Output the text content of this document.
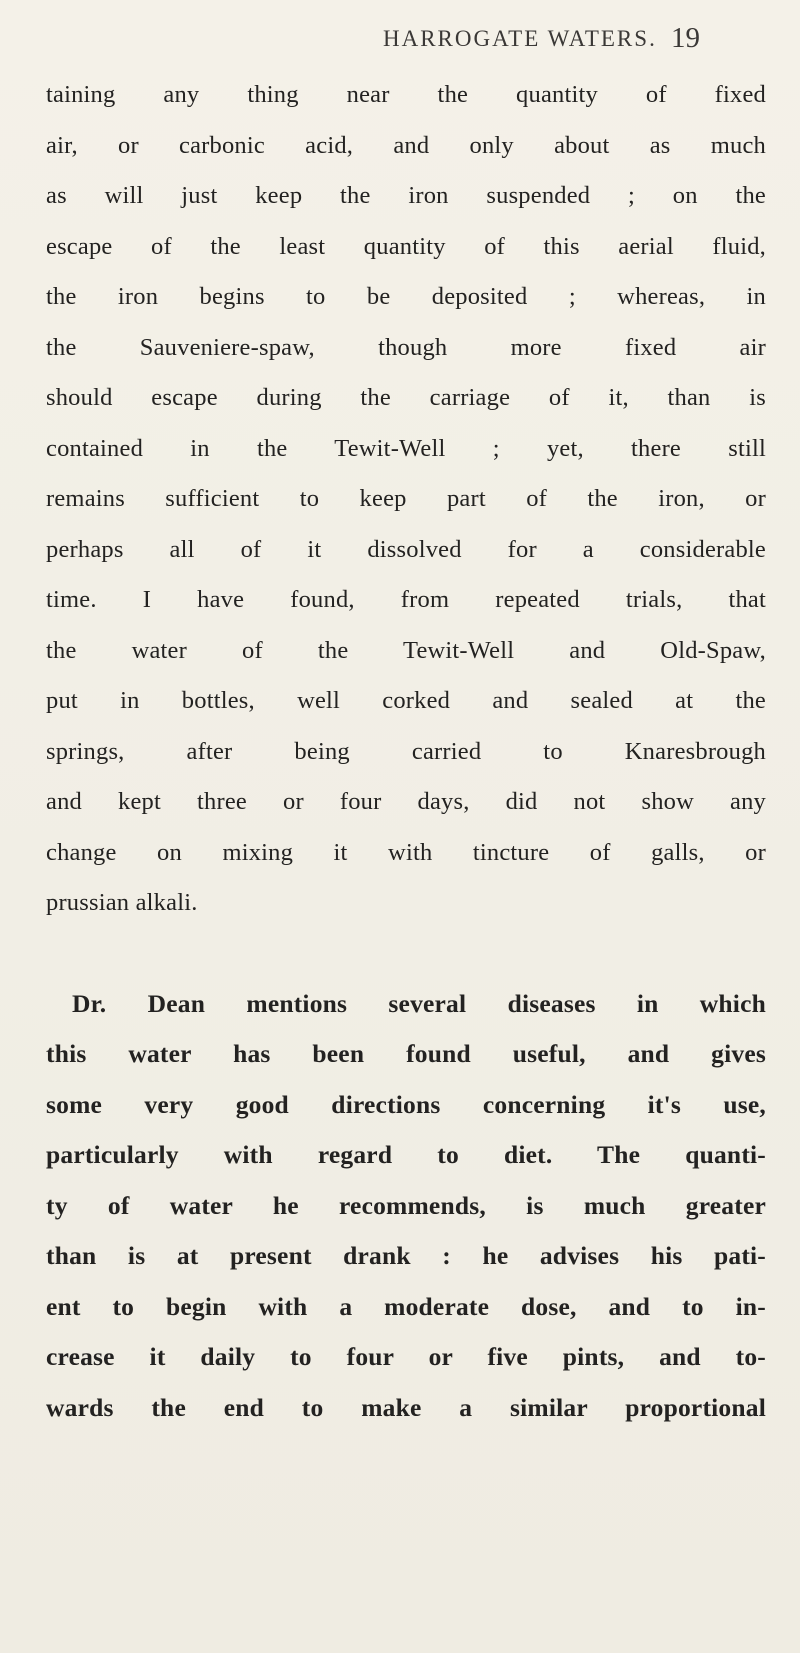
HARROGATE WATERS. 19
taining any thing near the quantity of fixed
air, or carbonic acid, and only about as much
as will just keep the iron suspended ; on the
escape of the least quantity of this aerial fluid,
the iron begins to be deposited ; whereas, in
the Sauveniere-spaw, though more fixed air
should escape during the carriage of it, than is
contained in the Tewit-Well ; yet, there still
remains sufficient to keep part of the iron, or
perhaps all of it dissolved for a considerable
time. I have found, from repeated trials, that
the water of the Tewit-Well and Old-Spaw,
put in bottles, well corked and sealed at the
springs, after being carried to Knaresbrough
and kept three or four days, did not show any
change on mixing it with tincture of galls, or
prussian alkali.
Dr. Dean mentions several diseases in which
this water has been found useful, and gives
some very good directions concerning it's use,
particularly with regard to diet. The quanti-
ty of water he recommends, is much greater
than is at present drank : he advises his pati-
ent to begin with a moderate dose, and to in-
crease it daily to four or five pints, and to-
wards the end to make a similar proportional
